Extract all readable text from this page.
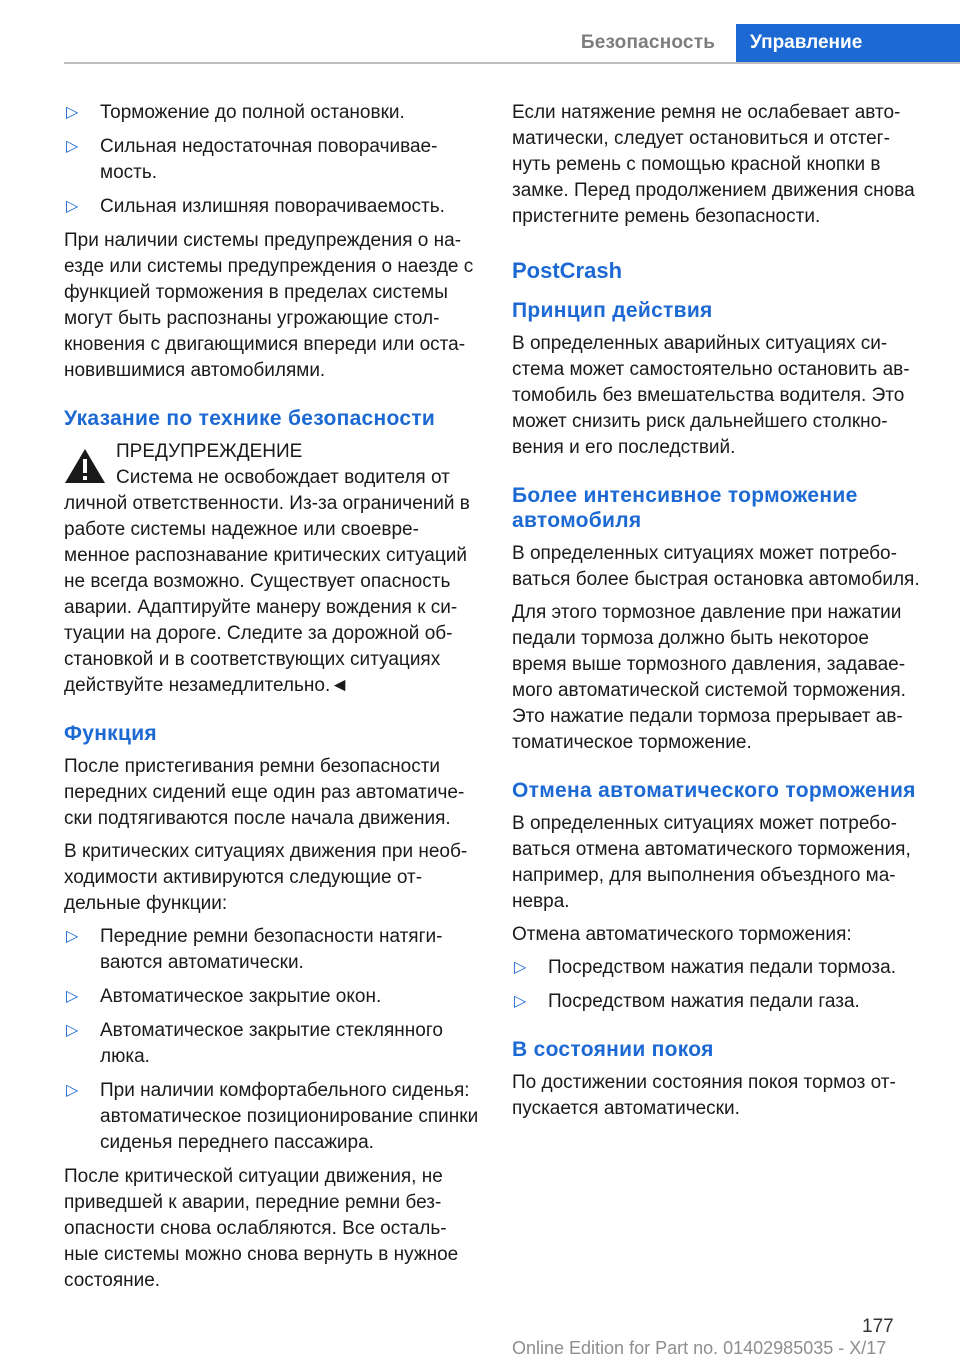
Безопасность	Управление
▷ Торможение до полной остановки.
▷ Сильная недостаточная поворачивае‐мость.
▷ Сильная излишняя поворачиваемость.

При наличии системы предупреждения о на‐езде или системы предупреждения о наезде с функцией торможения в пределах системы могут быть распознаны угрожающие стол‐кновения с двигающимися впереди или оста‐новившимися автомобилями.

Указание по технике безопасности

ПРЕДУПРЕЖДЕНИЕ

Система не освобождает водителя от

личной ответственности. Из-за ограничений в работе системы надежное или своевре‐менное распознавание критических ситуаций не всегда возможно. Существует опасность аварии. Адаптируйте манеру вождения к си‐туации на дороге. Следите за дорожной об‐становкой и в соответствующих ситуациях действуйте незамедлительно.◄

Функция

После пристегивания ремни безопасности передних сидений еще один раз автоматиче‐ски подтягиваются после начала движения.

В критических ситуациях движения при необ‐ходимости активируются следующие от‐дельные функции:

▷ Передние ремни безопасности натяги‐ваются автоматически.
▷ Автоматическое закрытие окон.
▷ Автоматическое закрытие стеклянного люка.
▷ При наличии комфортабельного сиденья: автоматическое позиционирование спинки сиденья переднего пассажира.

После критической ситуации движения, не приведшей к аварии, передние ремни без‐опасности снова ослабляются. Все осталь‐ные системы можно снова вернуть в нужное состояние.

Если натяжение ремня не ослабевает авто‐матически, следует остановиться и отстег‐нуть ремень с помощью красной кнопки в замке. Перед продолжением движения снова пристегните ремень безопасности.

PostCrash
Принцип действия

В определенных аварийных ситуациях си‐стема может самостоятельно остановить ав‐томобиль без вмешательства водителя. Это может снизить риск дальнейшего столкно‐вения и его последствий.

Более интенсивное торможение автомобиля

В определенных ситуациях может потребо‐ваться более быстрая остановка автомобиля.

Для этого тормозное давление при нажатии педали тормоза должно быть некоторое время выше тормозного давления, задавае‐мого автоматической системой торможения. Это нажатие педали тормоза прерывает ав‐томатическое торможение.

Отмена автоматического торможения

В определенных ситуациях может потребо‐ваться отмена автоматического торможения, например, для выполнения объездного ма‐невра.

Отмена автоматического торможения:

▷ Посредством нажатия педали тормоза.
▷ Посредством нажатия педали газа.
В состоянии покоя

По достижении состояния покоя тормоз от‐пускается автоматически.

177
Online Edition for Part no. 01402985035 - X/17
